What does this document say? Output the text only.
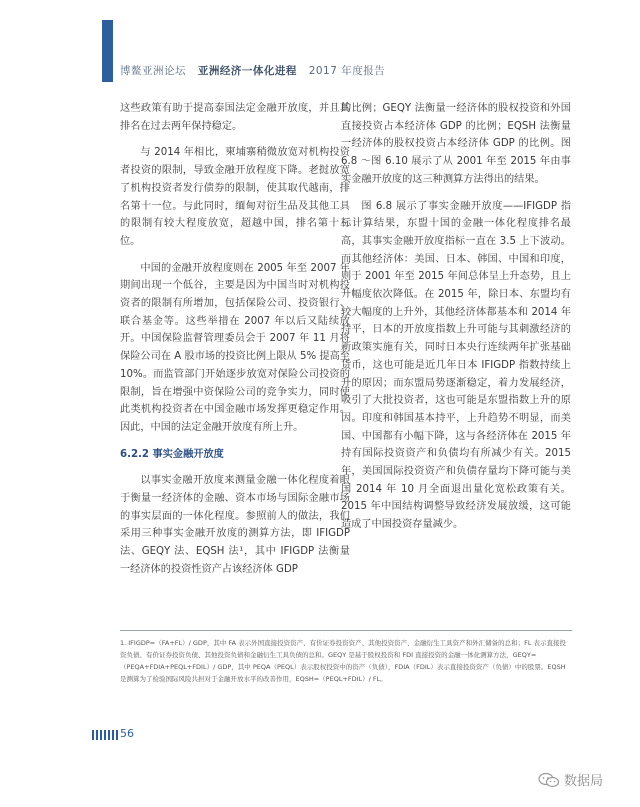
博鳌亚洲论坛 亚洲经济一体化进程 2017 年度报告

这些政策有助于提高泰国法定金融开放度，并且其排名在过去两年保持稳定。

与 2014 年相比，柬埔寨稍微放宽对机构投资者投资的限制，导致金融开放程度下降。老挝放宽了机构投资者发行债券的限制，使其取代越南，排名第十一位。与此同时，缅甸对衍生品及其他工具的限制有较大程度放宽，超越中国，排名第十三位。

中国的金融开放程度则在 2005 年至 2007 年期间出现一个低谷，主要是因为中国当时对机构投资者的限制有所增加，包括保险公司、投资银行、联合基金等。这些举措在 2007 年以后又陆续放开。中国保险监督管理委员会于 2007 年 11 月将保险公司在 A 股市场的投资比例上限从 5% 提高至 10%。而监管部门开始逐步放宽对保险公司投资的限制，旨在增强中资保险公司的竞争实力，同时使此类机构投资者在中国金融市场发挥更稳定作用。因此，中国的法定金融开放度有所上升。

6.2.2 事实金融开放度

以事实金融开放度来测量金融一体化程度着眼于衡量一经济体的金融、资本市场与国际金融市场的事实层面的一体化程度。参照前人的做法，我们采用三种事实金融开放度的测算方法，即 IFIGDP 法、GEQY 法、EQSH 法¹，其中 IFIGDP 法衡量一经济体的投资性资产占该经济体 GDP

的比例；GEQY 法衡量一经济体的股权投资和外国直接投资占本经济体 GDP 的比例；EQSH 法衡量一经济体的股权投资占本经济体 GDP 的比例。图 6.8 ～图 6.10 展示了从 2001 年至 2015 年由事实金融开放度的这三种测算方法得出的结果。

图 6.8 展示了事实金融开放度——IFIGDP 指标计算结果，东盟十国的金融一体化程度排名最高，其事实金融开放度指标一直在 3.5 上下波动。而其他经济体：美国、日本、韩国、中国和印度，则于 2001 年至 2015 年间总体呈上升态势，且上升幅度依次降低。在 2015 年，除日本、东盟均有较大幅度的上升外，其他经济体都基本和 2014 年持平，日本的开放度指数上升可能与其刺激经济的新政策实施有关，同时日本央行连续两年扩张基础货币，这也可能是近几年日本 IFIGDP 指数持续上升的原因；而东盟局势逐渐稳定，着力发展经济，吸引了大批投资者，这也可能是东盟指数上升的原因。印度和韩国基本持平，上升趋势不明显，而美国、中国都有小幅下降，这与各经济体在 2015 年持有国际投资资产和负债均有所减少有关。2015 年，美国国际投资资产和负债存量均下降可能与美国 2014 年 10 月全面退出量化宽松政策有关。2015 年中国结构调整导致经济发展放缓，这可能造成了中国投资存量减少。

1. IFIGDP=（FA+FL）/ GDP，其中 FA 表示外国直接投资资产、有价证券投资资产、其他投资资产、金融衍生工具资产和外汇储备的总和；FL 表示直接投资负债、有价证券投资负债、其他投资负债和金融衍生工具负债的总和。GEQY 是基于股权投资和 FDI 直接投资的金融一体化测算方法，GEQY=（PEQA+FDIA+PEQL+FDIL）/ GDP，其中 PEQA（PEQL）表示股权投资中的资产（负债），FDIA（FDIL）表示直接投资资产（负债）中的股票。EQSH 是测算为了检验国际风险共担对于金融开放水平的改善作用，EQSH=（PEQL+FDIL）/ FL。
56
数据局
